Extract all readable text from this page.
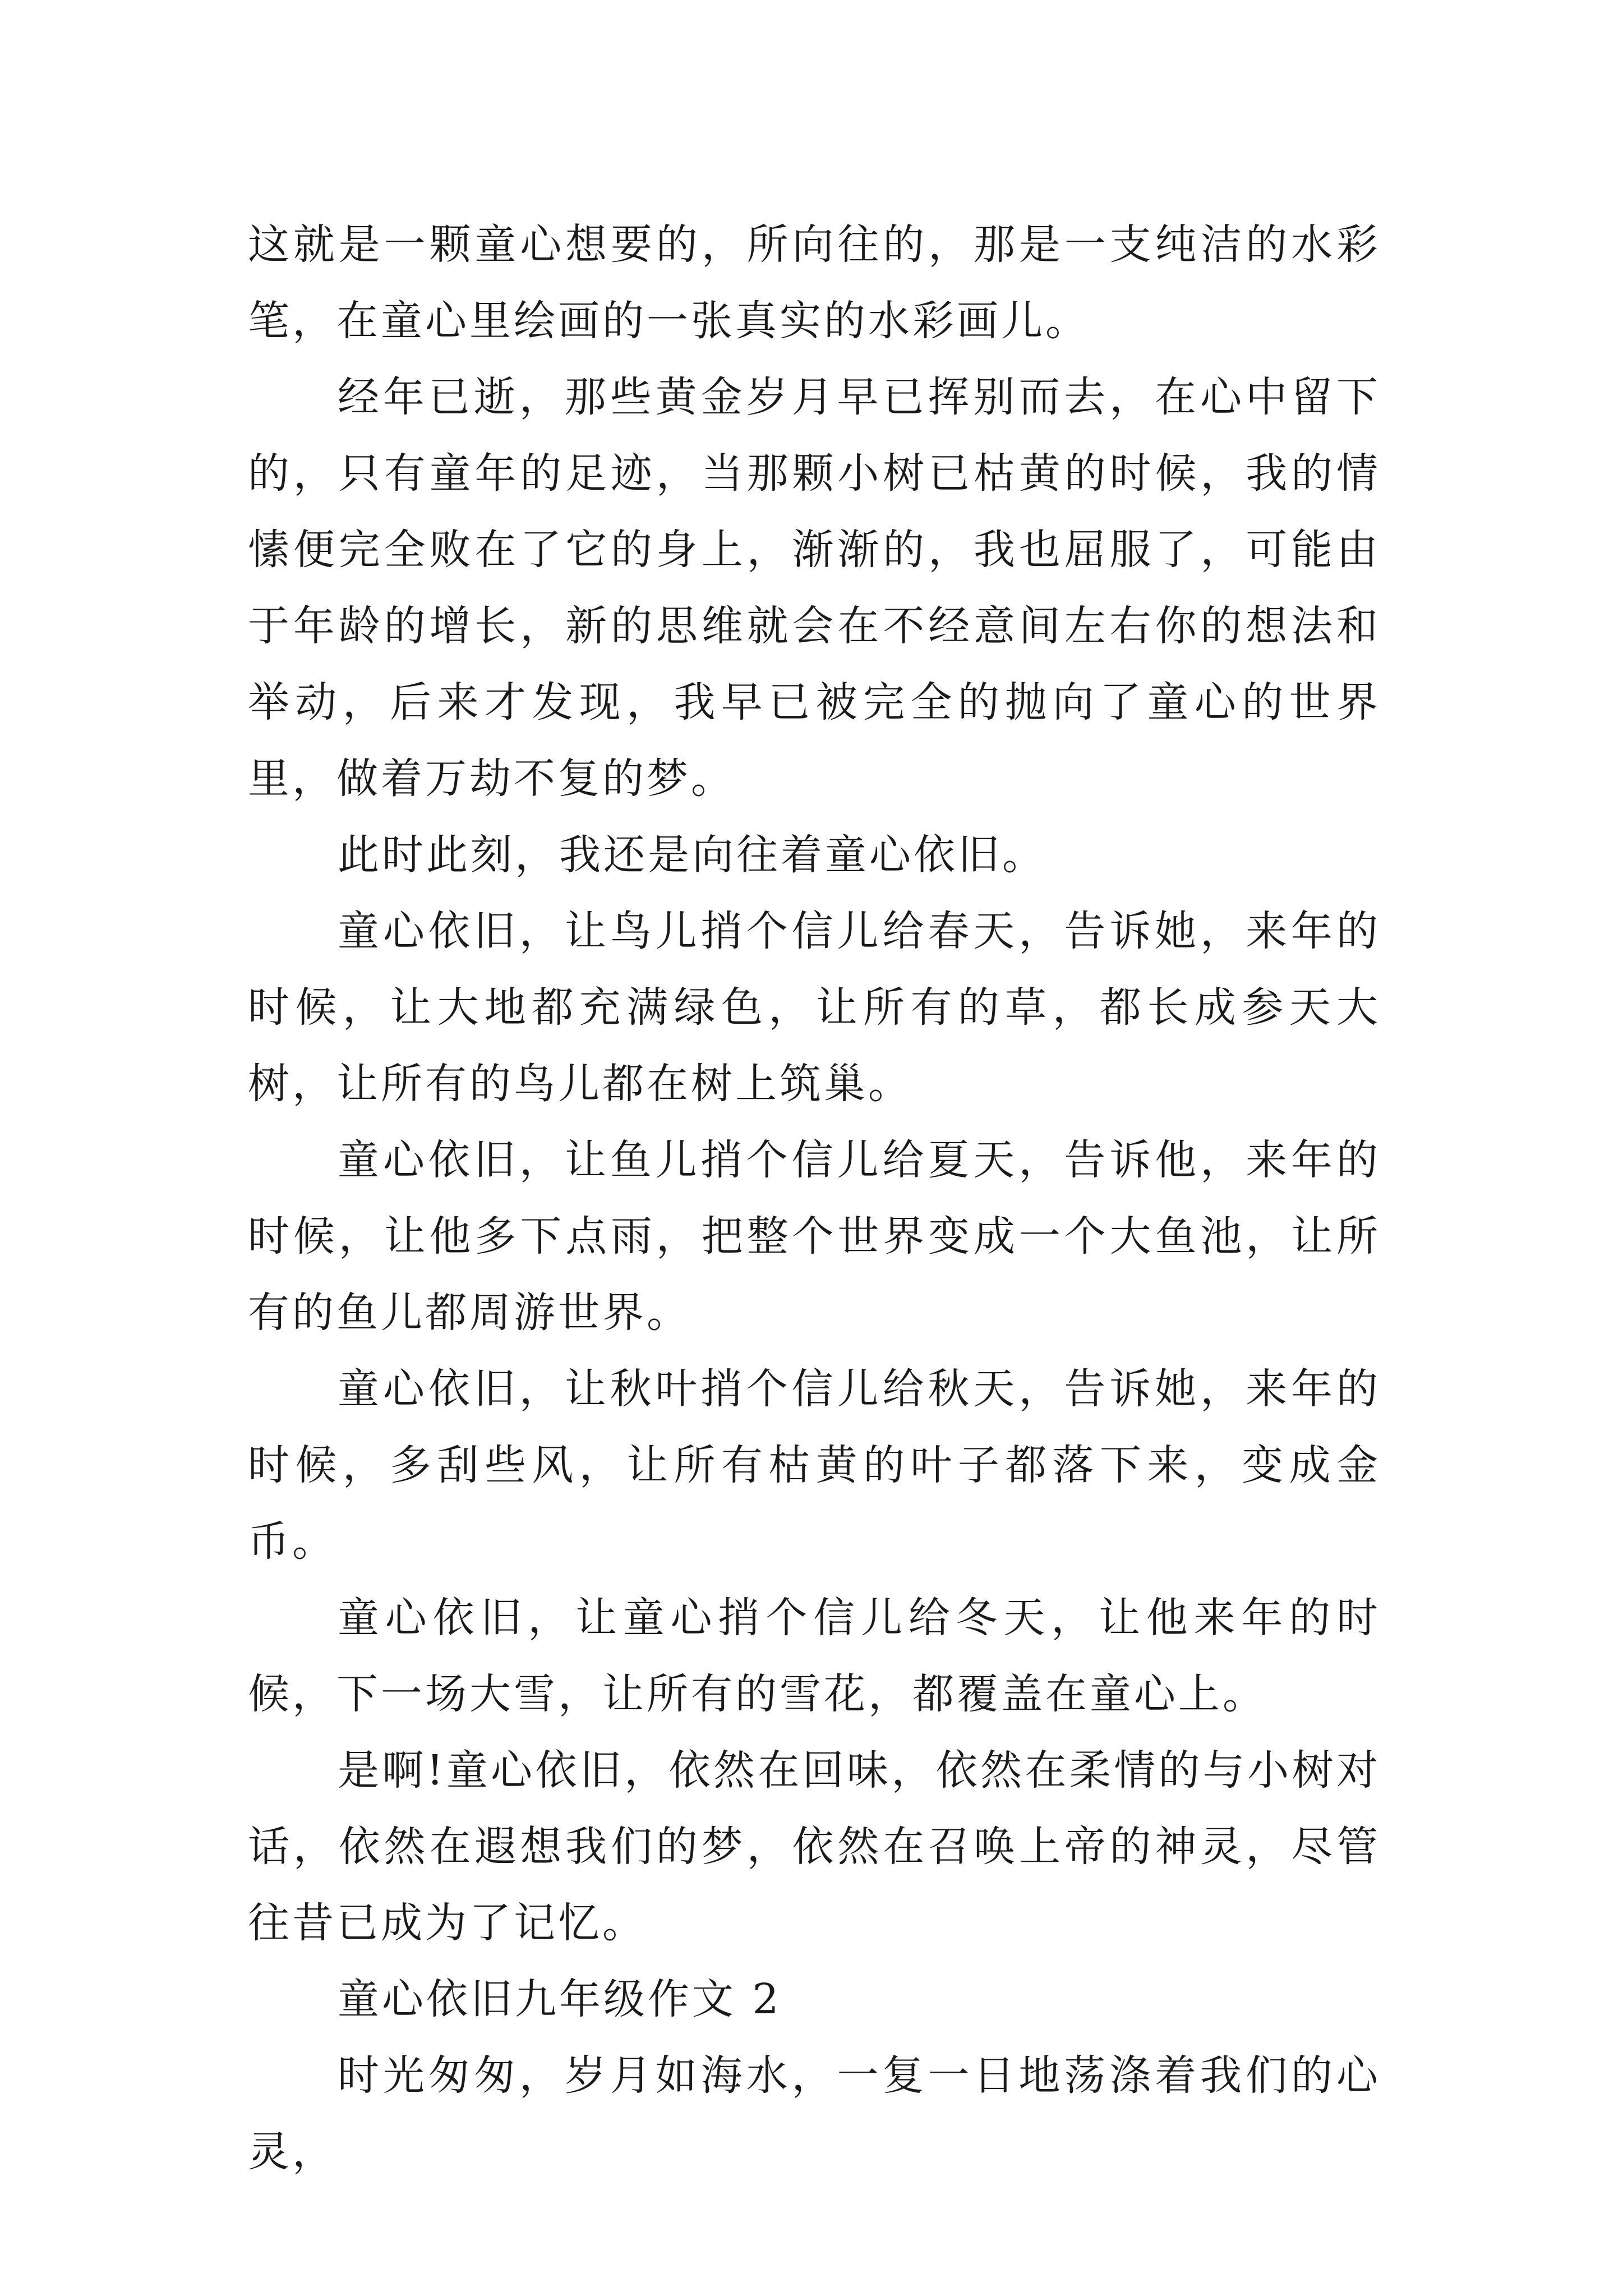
这就是一颗童心想要的，所向往的，那是一支纯洁的水彩笔，在童心里绘画的一张真实的水彩画儿。

经年已逝，那些黄金岁月早已挥别而去，在心中留下的，只有童年的足迹，当那颗小树已枯黄的时候，我的情愫便完全败在了它的身上，渐渐的，我也屈服了，可能由于年龄的增长，新的思维就会在不经意间左右你的想法和举动，后来才发现，我早已被完全的抛向了童心的世界里，做着万劫不复的梦。

此时此刻，我还是向往着童心依旧。

童心依旧，让鸟儿捎个信儿给春天，告诉她，来年的时候，让大地都充满绿色，让所有的草，都长成参天大树，让所有的鸟儿都在树上筑巢。

童心依旧，让鱼儿捎个信儿给夏天，告诉他，来年的时候，让他多下点雨，把整个世界变成一个大鱼池，让所有的鱼儿都周游世界。

童心依旧，让秋叶捎个信儿给秋天，告诉她，来年的时候，多刮些风，让所有枯黄的叶子都落下来，变成金币。

童心依旧，让童心捎个信儿给冬天，让他来年的时候，下一场大雪，让所有的雪花，都覆盖在童心上。

是啊!童心依旧，依然在回味，依然在柔情的与小树对话，依然在遐想我们的梦，依然在召唤上帝的神灵，尽管往昔已成为了记忆。

童心依旧九年级作文 2

时光匆匆，岁月如海水，一复一日地荡涤着我们的心灵，
